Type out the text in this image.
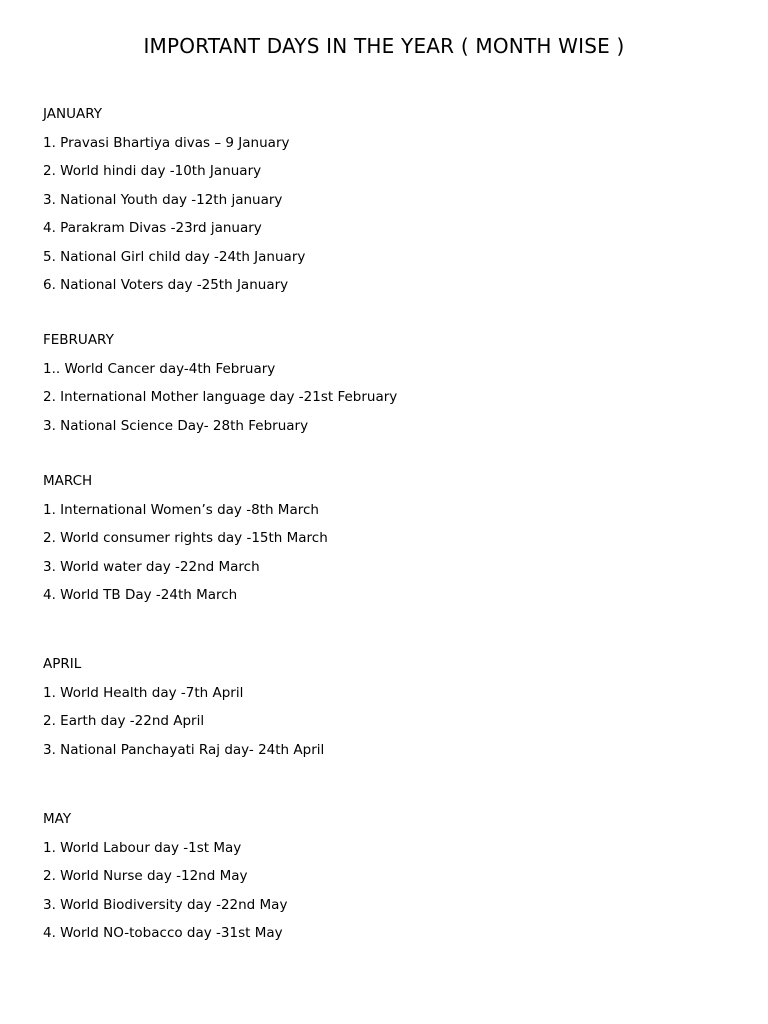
IMPORTANT DAYS IN THE YEAR ( MONTH WISE )
JANUARY
1. Pravasi Bhartiya divas – 9 January
2. World hindi day -10th January
3. National Youth day -12th january
4. Parakram Divas -23rd january
5. National Girl child day -24th January
6. National Voters day -25th January
FEBRUARY
1.. World Cancer day-4th February
2. International Mother language day -21st February
3. National Science Day- 28th February
MARCH
1. International Women’s day -8th March
2. World consumer rights day -15th March
3. World water day -22nd March
4. World TB Day -24th March
APRIL
1. World Health day -7th April
2. Earth day -22nd April
3. National Panchayati Raj day- 24th April
MAY
1. World Labour day -1st May
2. World Nurse day -12nd May
3. World Biodiversity day -22nd May
4. World NO-tobacco day -31st May
